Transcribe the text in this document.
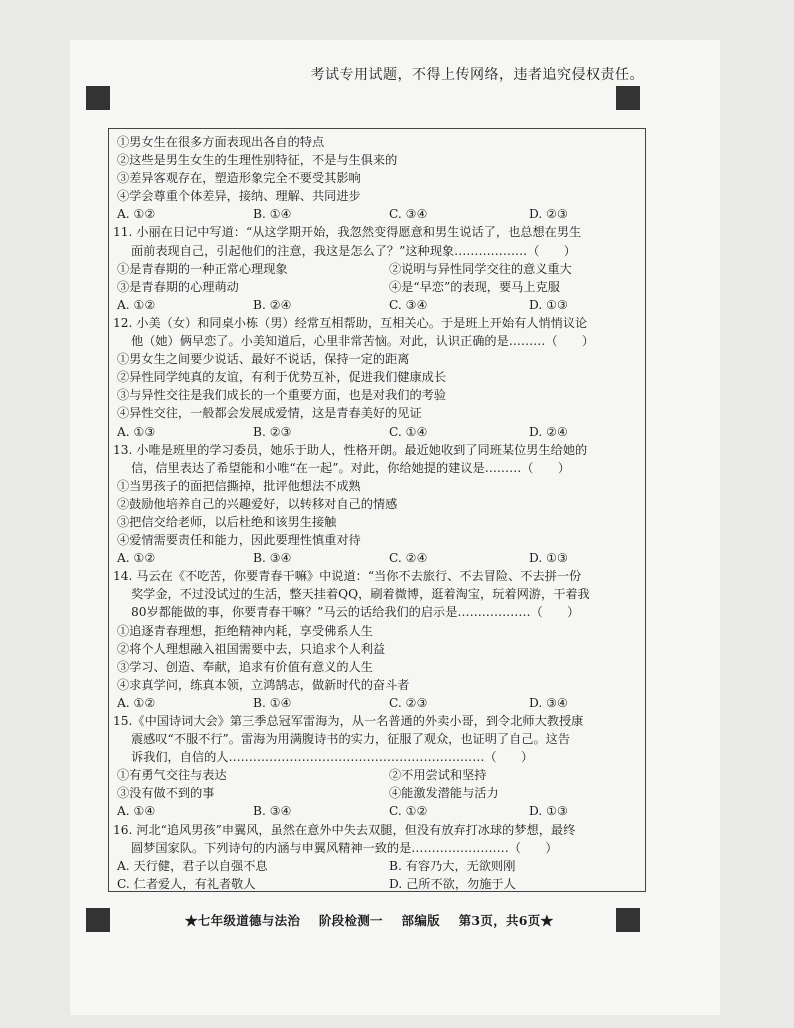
考试专用试题，不得上传网络，违者追究侵权责任。
①男女生在很多方面表现出各自的特点
②这些是男生女生的生理性别特征，不是与生俱来的
③差异客观存在，塑造形象完全不要受其影响
④学会尊重个体差异，接纳、理解、共同进步
A. ①②	B. ①④	C. ③④	D. ②③
11. 小丽在日记中写道：“从这学期开始，我忽然变得愿意和男生说话了，也总想在男生
面前表现自己，引起他们的注意，我这是怎么了？”这种现象………………（　　）
①是青春期的一种正常心理现象	②说明与异性同学交往的意义重大
③是青春期的心理萌动	④是“早恋”的表现，要马上克服
A. ①②	B. ②④	C. ③④	D. ①③
12. 小美（女）和同桌小栋（男）经常互相帮助，互相关心。于是班上开始有人悄悄议论
他（她）俩早恋了。小美知道后，心里非常苦恼。对此，认识正确的是………（　　）
①男女生之间要少说话、最好不说话，保持一定的距离
②异性同学纯真的友谊，有利于优势互补，促进我们健康成长
③与异性交往是我们成长的一个重要方面，也是对我们的考验
④异性交往，一般都会发展成爱情，这是青春美好的见证
A. ①③	B. ②③	C. ①④	D. ②④
13. 小唯是班里的学习委员，她乐于助人，性格开朗。最近她收到了同班某位男生给她的
信，信里表达了希望能和小唯“在一起”。对此，你给她提的建议是………（　　）
①当男孩子的面把信撕掉，批评他想法不成熟
②鼓励他培养自己的兴趣爱好，以转移对自己的情感
③把信交给老师，以后杜绝和该男生接触
④爱情需要责任和能力，因此要理性慎重对待
A. ①②	B. ③④	C. ②④	D. ①③
14. 马云在《不吃苦，你要青春干嘛》中说道：“当你不去旅行、不去冒险、不去拼一份
奖学金，不过没试过的生活，整天挂着QQ，刷着微博，逛着淘宝，玩着网游，干着我
80岁都能做的事，你要青春干嘛？”马云的话给我们的启示是………………（　　）
①追逐青春理想，拒绝精神内耗，享受佛系人生
②将个人理想融入祖国需要中去，只追求个人利益
③学习、创造、奉献，追求有价值有意义的人生
④求真学问，练真本领，立鸿鹄志，做新时代的奋斗者
A. ①②	B. ①④	C. ②③	D. ③④
15.《中国诗词大会》第三季总冠军雷海为，从一名普通的外卖小哥，到令北师大教授康
震感叹“不服不行”。雷海为用满腹诗书的实力，征服了观众，也证明了自己。这告
诉我们，自信的人………………………………………………………（　　）
①有勇气交往与表达	②不用尝试和坚持
③没有做不到的事	④能激发潜能与活力
A. ①④	B. ③④	C. ①②	D. ①③
16. 河北“追风男孩”申翼风，虽然在意外中失去双腿，但没有放弃打冰球的梦想，最终
圆梦国家队。下列诗句的内涵与申翼风精神一致的是……………………（　　）
A. 天行健，君子以自强不息	B. 有容乃大，无欲则刚
C. 仁者爱人，有礼者敬人	D. 己所不欲，勿施于人
★七年级道德与法治 阶段检测一 部编版 第3页，共6页★
